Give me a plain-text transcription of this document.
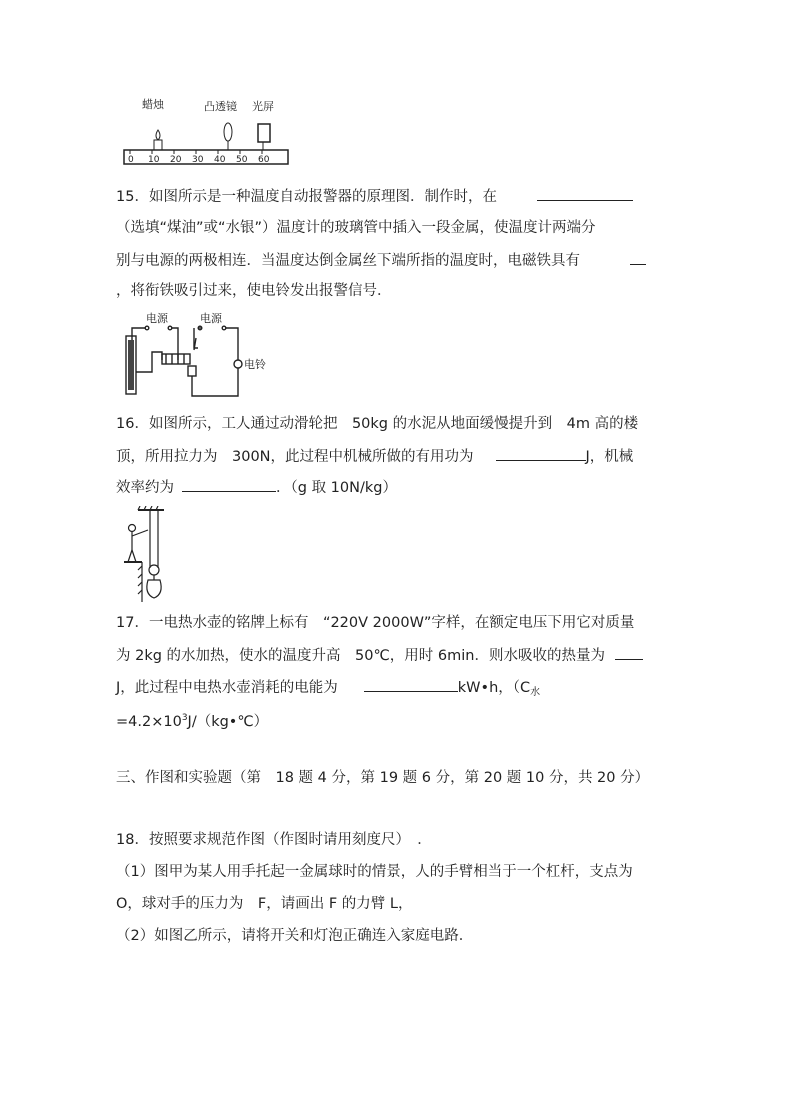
蜡烛	凸透镜 光屏
0 10 20 30 40 50 60
15．如图所示是一种温度自动报警器的原理图．制作时，在
（选填“煤油”或“水银”）温度计的玻璃管中插入一段金属，使温度计两端分
别与电源的两极相连．当温度达倒金属丝下端所指的温度时，电磁铁具有
，将衔铁吸引过来，使电铃发出报警信号．
电源	电源
电铃
16．如图所示，工人通过动滑轮把　50kg 的水泥从地面缓慢提升到　4m 高的楼
顶，所用拉力为　300N，此过程中机械所做的有用功为	J，机械
效率约为	．（g 取 10N/kg）
17．一电热水壶的铭牌上标有　“220V 2000W”字样，在额定电压下用它对质量
为 2kg 的水加热，使水的温度升高　50℃，用时 6min．则水吸收的热量为
J，此过程中电热水壶消耗的电能为	kW•h，（$C_水$
$=4.2\times 10^3J/(kg•℃)$
三、作图和实验题（第　18 题 4 分，第 19 题 6 分，第 20 题 10 分，共 20 分）
18．按照要求规范作图（作图时请用刻度尺）　．
（1）图甲为某人用手托起一金属球时的情景，人的手臂相当于一个杠杆，支点为
O，球对手的压力为　F，请画出 F 的力臂 L，
（2）如图乙所示，请将开关和灯泡正确连入家庭电路．
